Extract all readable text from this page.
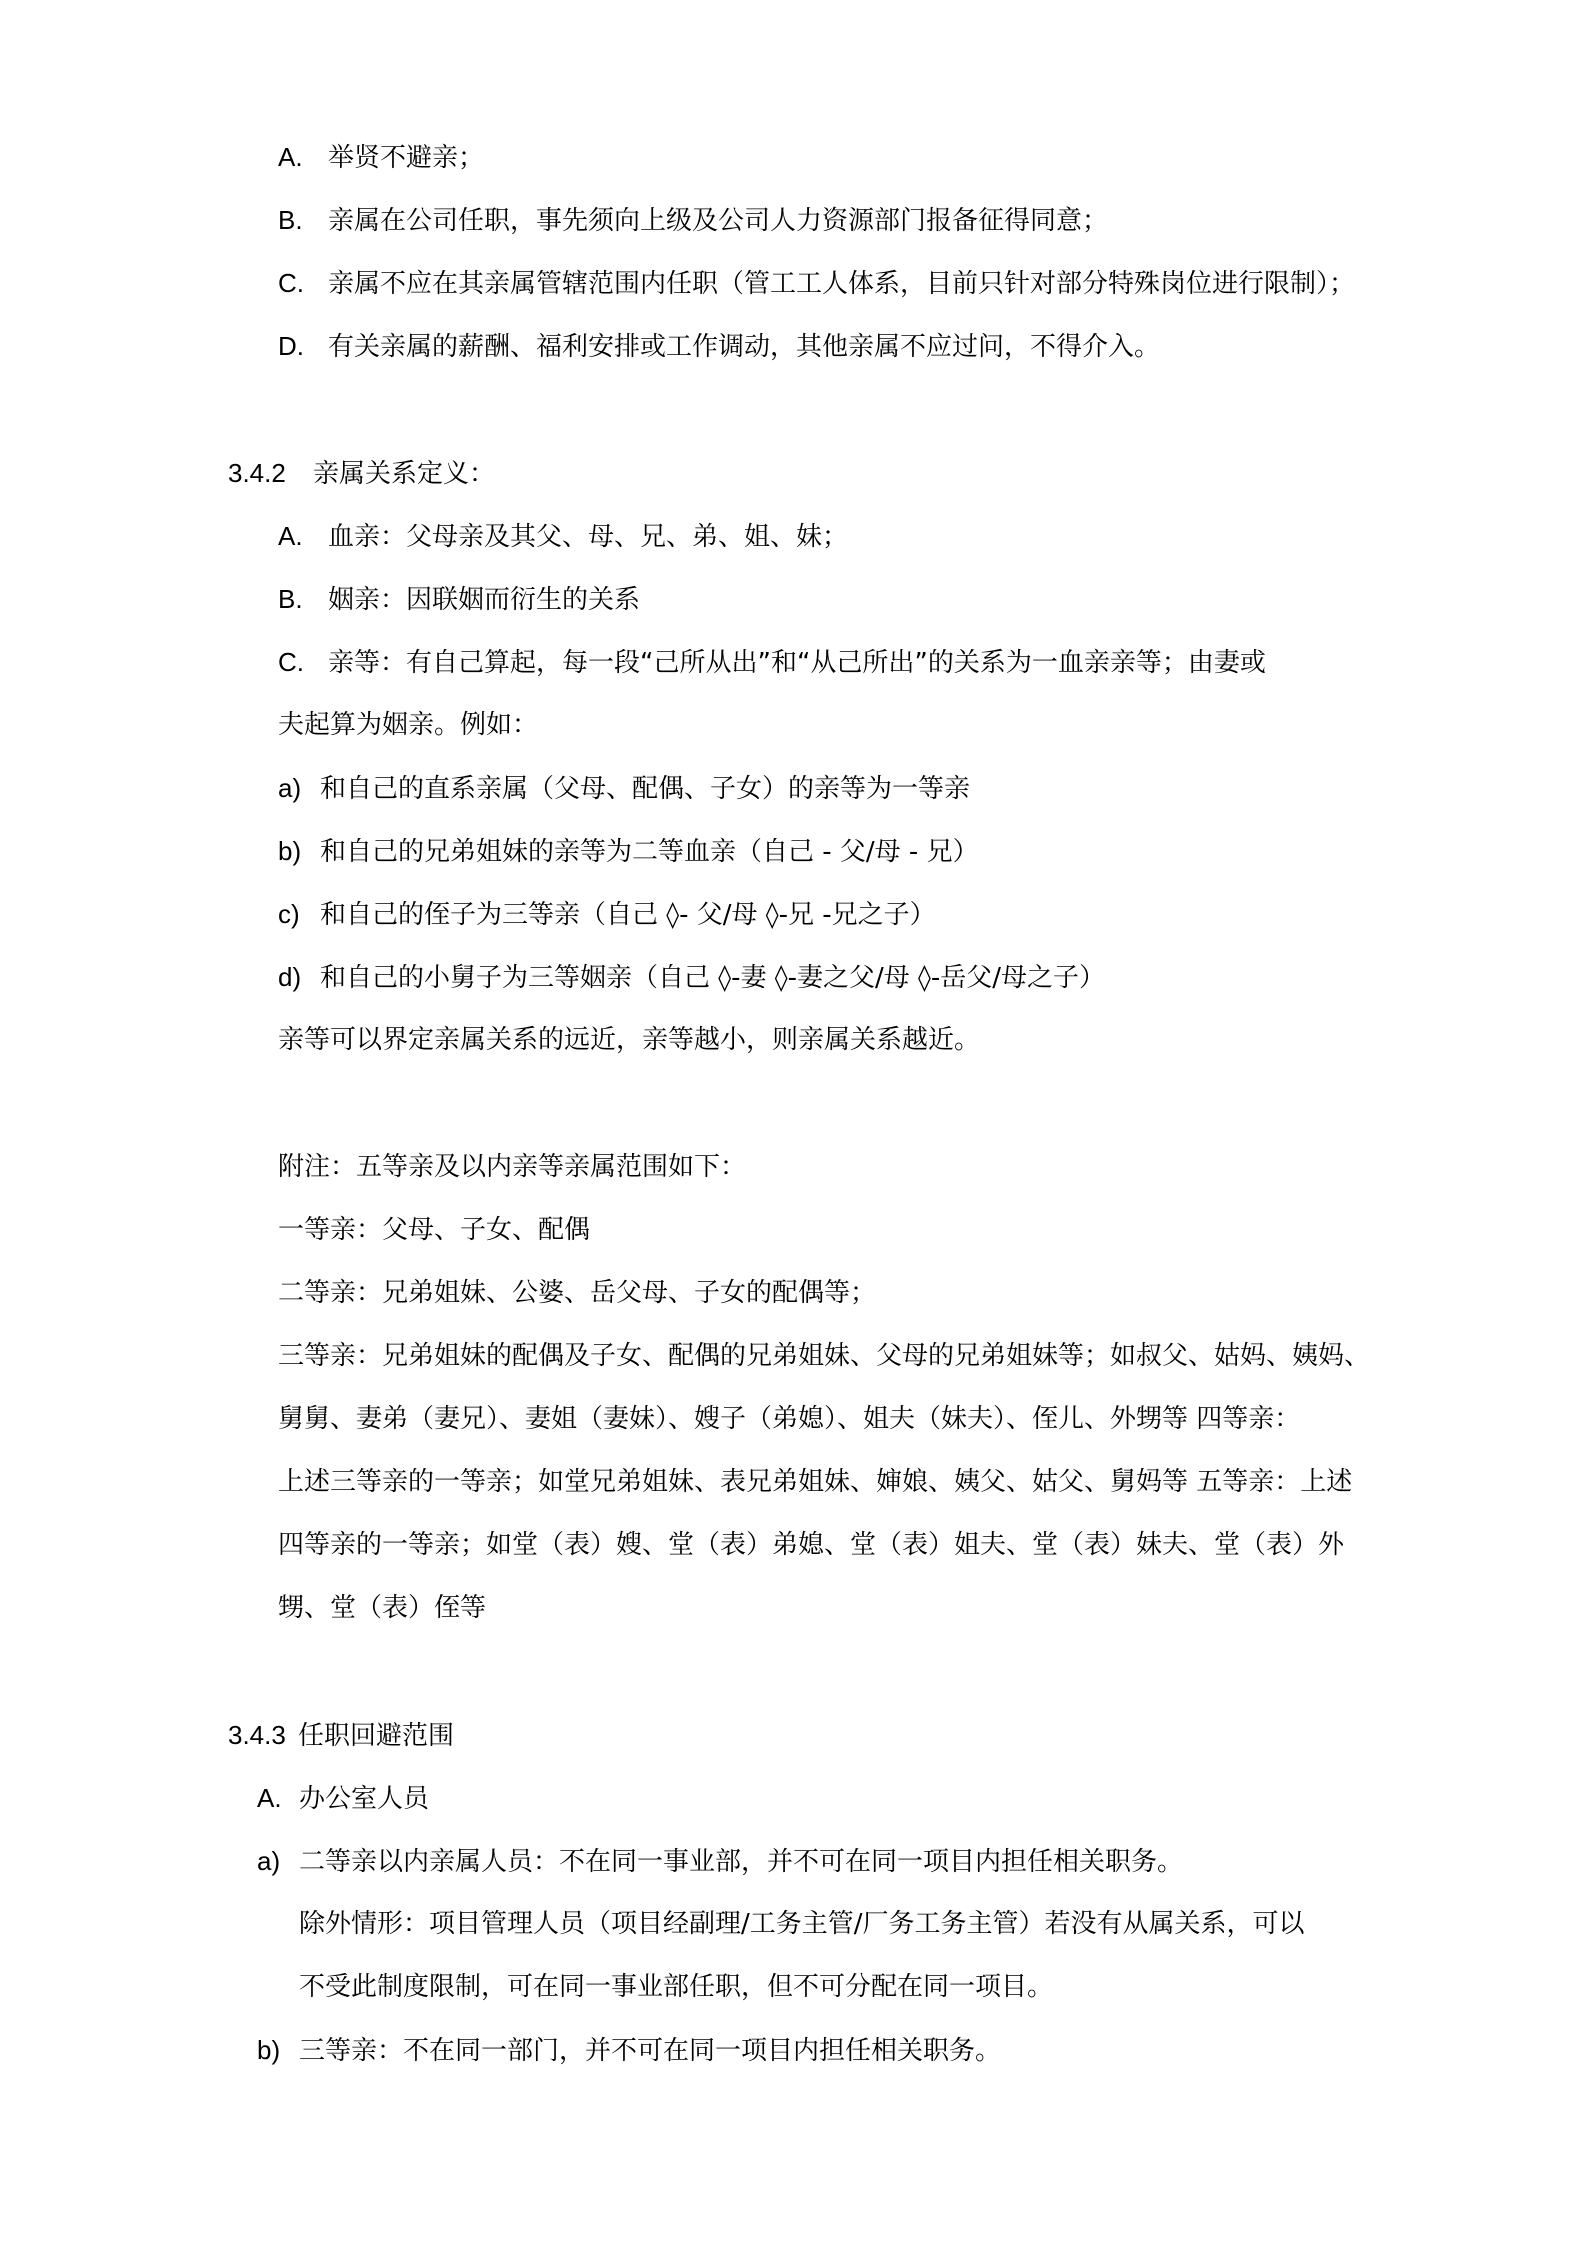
A. 举贤不避亲；
B. 亲属在公司任职，事先须向上级及公司人力资源部门报备征得同意；
C. 亲属不应在其亲属管辖范围内任职（管工工人体系，目前只针对部分特殊岗位进行限制）；
D. 有关亲属的薪酬、福利安排或工作调动，其他亲属不应过问，不得介入。
3.4.2 亲属关系定义：
A. 血亲：父母亲及其父、母、兄、弟、姐、妹；
B. 姻亲：因联姻而衍生的关系
C. 亲等：有自己算起，每一段“己所从出”和“从己所出”的关系为一血亲亲等；由妻或
夫起算为姻亲。例如：
a) 和自己的直系亲属（父母、配偶、子女）的亲等为一等亲
b) 和自己的兄弟姐妹的亲等为二等血亲（自己 - 父/母 - 兄）
c) 和自己的侄子为三等亲（自己 ◊- 父/母 ◊-兄 -兄之子）
d) 和自己的小舅子为三等姻亲（自己 ◊-妻 ◊-妻之父/母 ◊-岳父/母之子）
亲等可以界定亲属关系的远近，亲等越小，则亲属关系越近。
附注：五等亲及以内亲等亲属范围如下：
一等亲：父母、子女、配偶
二等亲：兄弟姐妹、公婆、岳父母、子女的配偶等；
三等亲：兄弟姐妹的配偶及子女、配偶的兄弟姐妹、父母的兄弟姐妹等；如叔父、姑妈、姨妈、
舅舅、妻弟（妻兄）、妻姐（妻妹）、嫂子（弟媳）、姐夫（妹夫）、侄儿、外甥等 四等亲：
上述三等亲的一等亲；如堂兄弟姐妹、表兄弟姐妹、婶娘、姨父、姑父、舅妈等 五等亲：上述
四等亲的一等亲；如堂（表）嫂、堂（表）弟媳、堂（表）姐夫、堂（表）妹夫、堂（表）外
甥、堂（表）侄等
3.4.3 任职回避范围
A. 办公室人员
a) 二等亲以内亲属人员：不在同一事业部，并不可在同一项目内担任相关职务。
除外情形：项目管理人员（项目经副理/工务主管/厂务工务主管）若没有从属关系，可以
不受此制度限制，可在同一事业部任职，但不可分配在同一项目。
b) 三等亲：不在同一部门，并不可在同一项目内担任相关职务。
